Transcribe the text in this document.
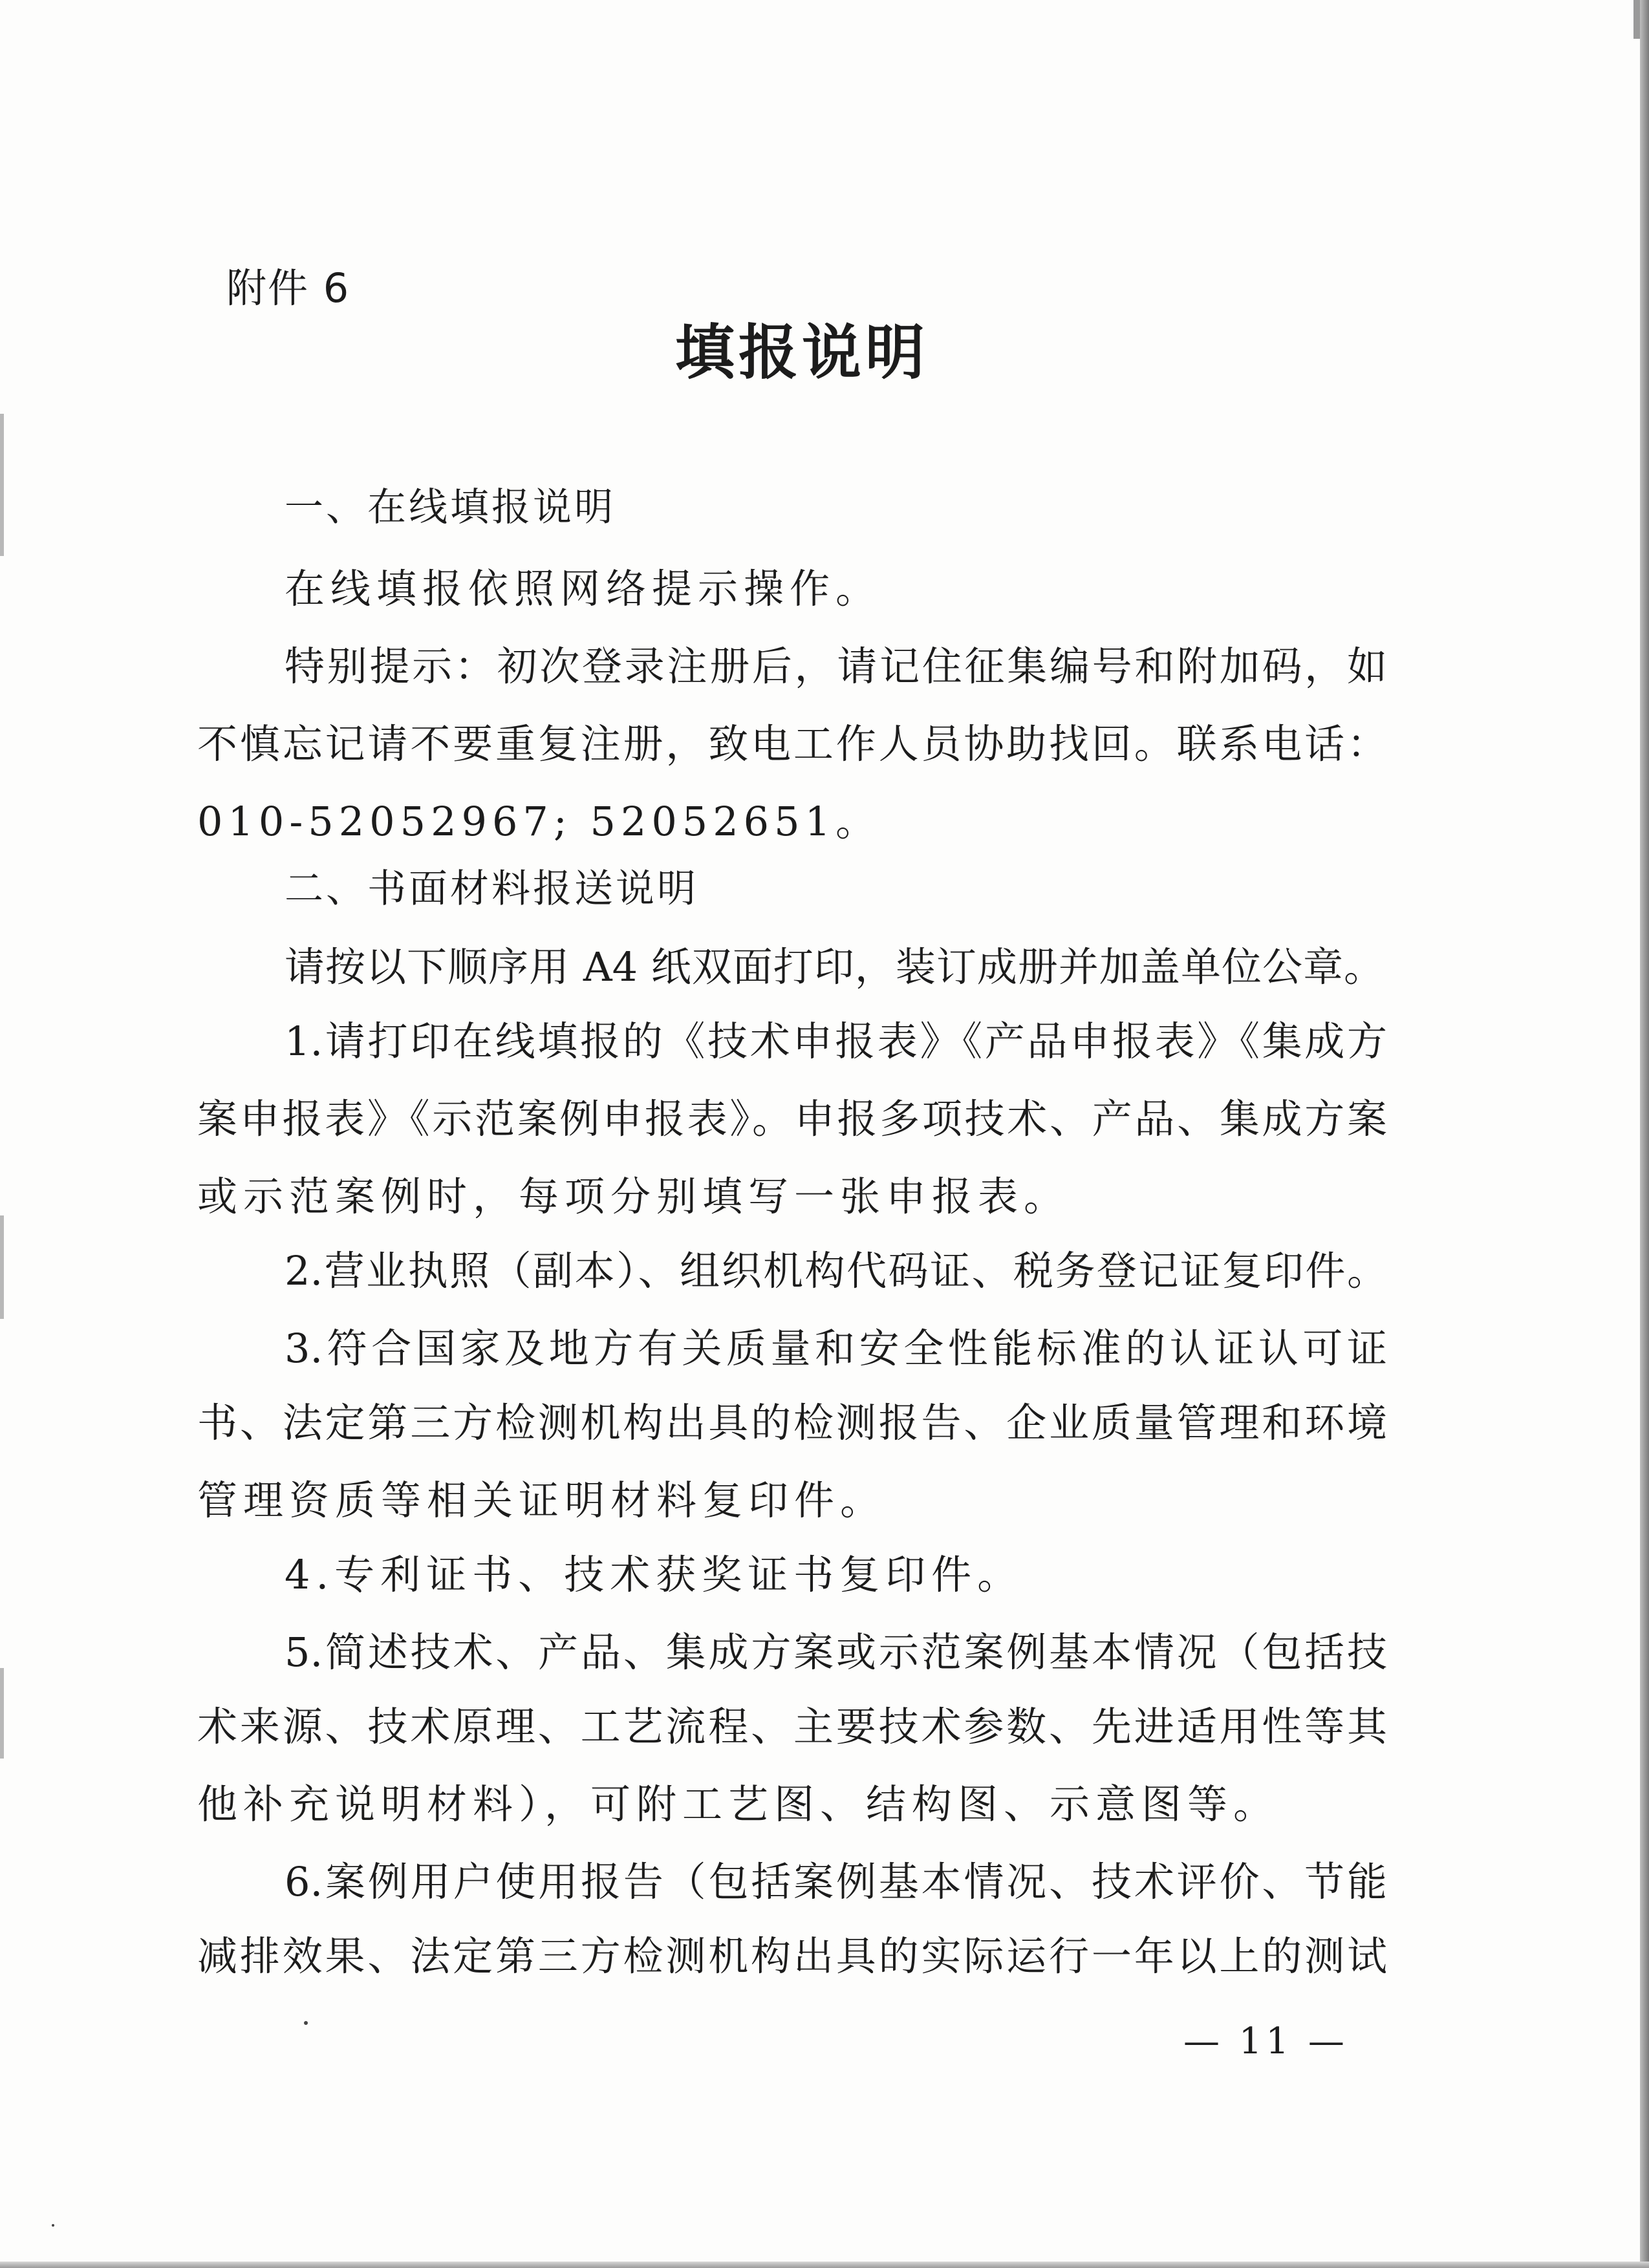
附件 6
填报说明
一、在线填报说明
在线填报依照网络提示操作。
特别提示：初次登录注册后，请记住征集编号和附加码，如
不慎忘记请不要重复注册，致电工作人员协助找回。联系电话：
010-52052967; 52052651。
二、书面材料报送说明
请按以下顺序用 A4 纸双面打印，装订成册并加盖单位公章。
1.请打印在线填报的《技术申报表》《产品申报表》《集成方
案申报表》《示范案例申报表》。申报多项技术、产品、集成方案
或示范案例时，每项分别填写一张申报表。
2.营业执照（副本）、组织机构代码证、税务登记证复印件。
3.符合国家及地方有关质量和安全性能标准的认证认可证
书、法定第三方检测机构出具的检测报告、企业质量管理和环境
管理资质等相关证明材料复印件。
4.专利证书、技术获奖证书复印件。
5.简述技术、产品、集成方案或示范案例基本情况（包括技
术来源、技术原理、工艺流程、主要技术参数、先进适用性等其
他补充说明材料），可附工艺图、结构图、示意图等。
6.案例用户使用报告（包括案例基本情况、技术评价、节能
减排效果、法定第三方检测机构出具的实际运行一年以上的测试
— 11 —
